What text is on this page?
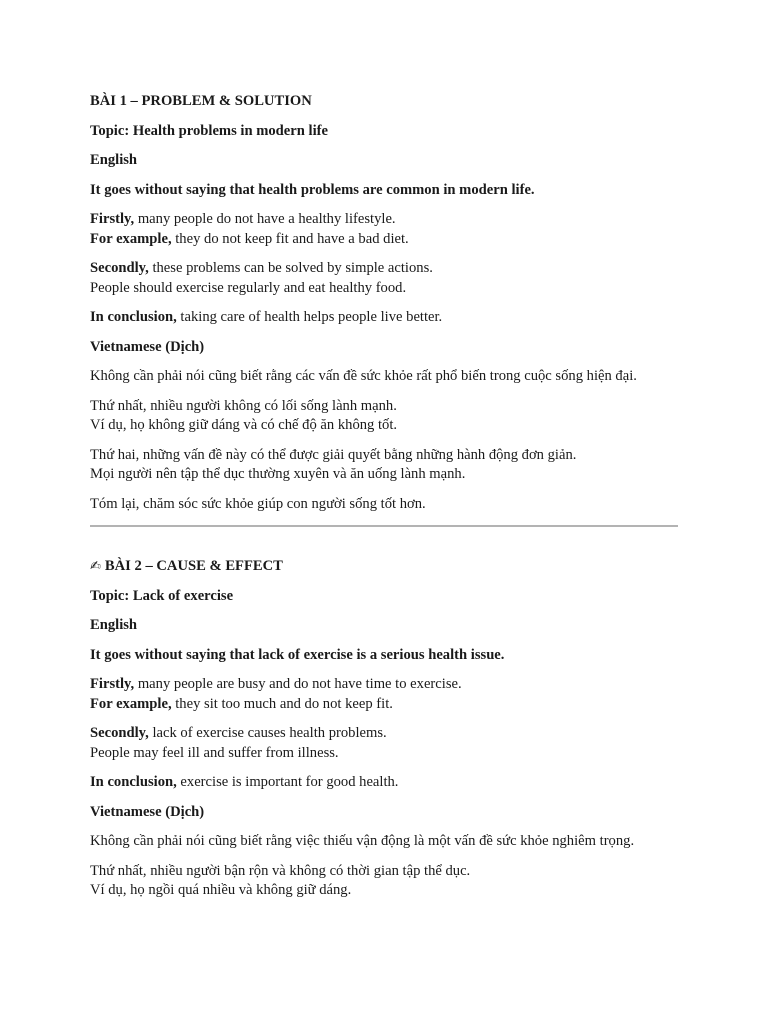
BÀI 1 – PROBLEM & SOLUTION

Topic: Health problems in modern life

English

It goes without saying that health problems are common in modern life.

Firstly, many people do not have a healthy lifestyle.
For example, they do not keep fit and have a bad diet.

Secondly, these problems can be solved by simple actions.
People should exercise regularly and eat healthy food.

In conclusion, taking care of health helps people live better.

Vietnamese (Dịch)

Không cần phải nói cũng biết rằng các vấn đề sức khỏe rất phổ biến trong cuộc sống hiện đại.

Thứ nhất, nhiều người không có lối sống lành mạnh.
Ví dụ, họ không giữ dáng và có chế độ ăn không tốt.

Thứ hai, những vấn đề này có thể được giải quyết bằng những hành động đơn giản.
Mọi người nên tập thể dục thường xuyên và ăn uống lành mạnh.

Tóm lại, chăm sóc sức khỏe giúp con người sống tốt hơn.

✍ BÀI 2 – CAUSE & EFFECT

Topic: Lack of exercise

English

It goes without saying that lack of exercise is a serious health issue.

Firstly, many people are busy and do not have time to exercise.
For example, they sit too much and do not keep fit.

Secondly, lack of exercise causes health problems.
People may feel ill and suffer from illness.

In conclusion, exercise is important for good health.

Vietnamese (Dịch)

Không cần phải nói cũng biết rằng việc thiếu vận động là một vấn đề sức khỏe nghiêm trọng.

Thứ nhất, nhiều người bận rộn và không có thời gian tập thể dục.
Ví dụ, họ ngồi quá nhiều và không giữ dáng.
